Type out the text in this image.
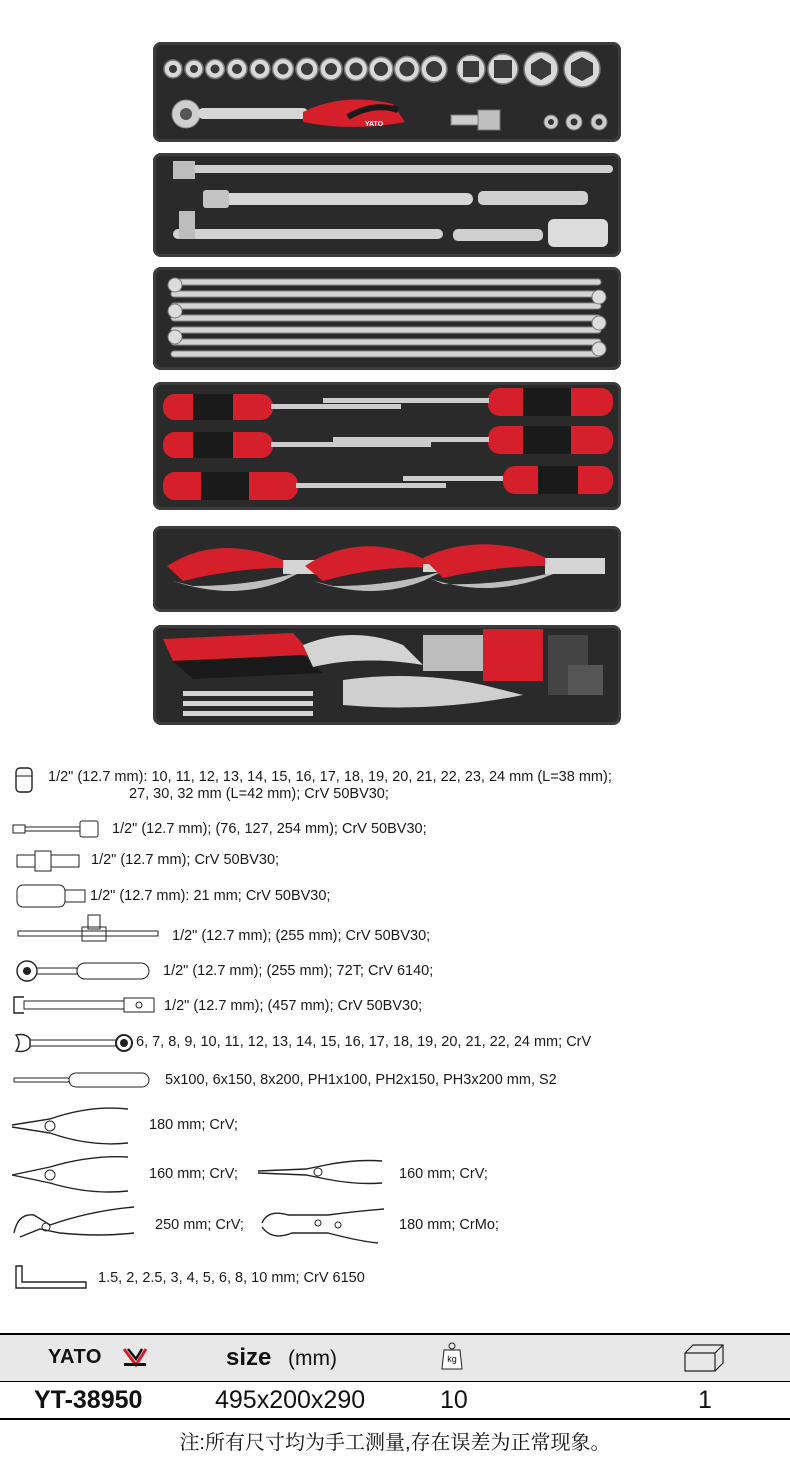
YATO
1/2" (12.7 mm): 10, 11, 12, 13, 14, 15, 16, 17, 18, 19, 20, 21, 22, 23, 24 mm (L=38 mm);
27, 30, 32 mm (L=42 mm); CrV 50BV30;
1/2" (12.7 mm); (76, 127, 254 mm); CrV 50BV30;
1/2" (12.7 mm); CrV 50BV30;
1/2" (12.7 mm): 21 mm; CrV 50BV30;
1/2" (12.7 mm); (255 mm); CrV 50BV30;
1/2" (12.7 mm); (255 mm); 72T; CrV 6140;
1/2" (12.7 mm); (457 mm); CrV 50BV30;
6, 7, 8, 9, 10, 11, 12, 13, 14, 15, 16, 17, 18, 19, 20, 21, 22, 24 mm; CrV
5x100, 6x150, 8x200, PH1x100, PH2x150, PH3x200 mm, S2
180 mm; CrV;
160 mm; CrV;	160 mm; CrV;
250 mm; CrV;	180 mm; CrMo;
1.5, 2, 2.5, 3, 4, 5, 6, 8, 10 mm; CrV 6150
YATO	size (mm)	kg
YT-38950	495x200x290	10	1
注:所有尺寸均为手工测量,存在误差为正常现象。
